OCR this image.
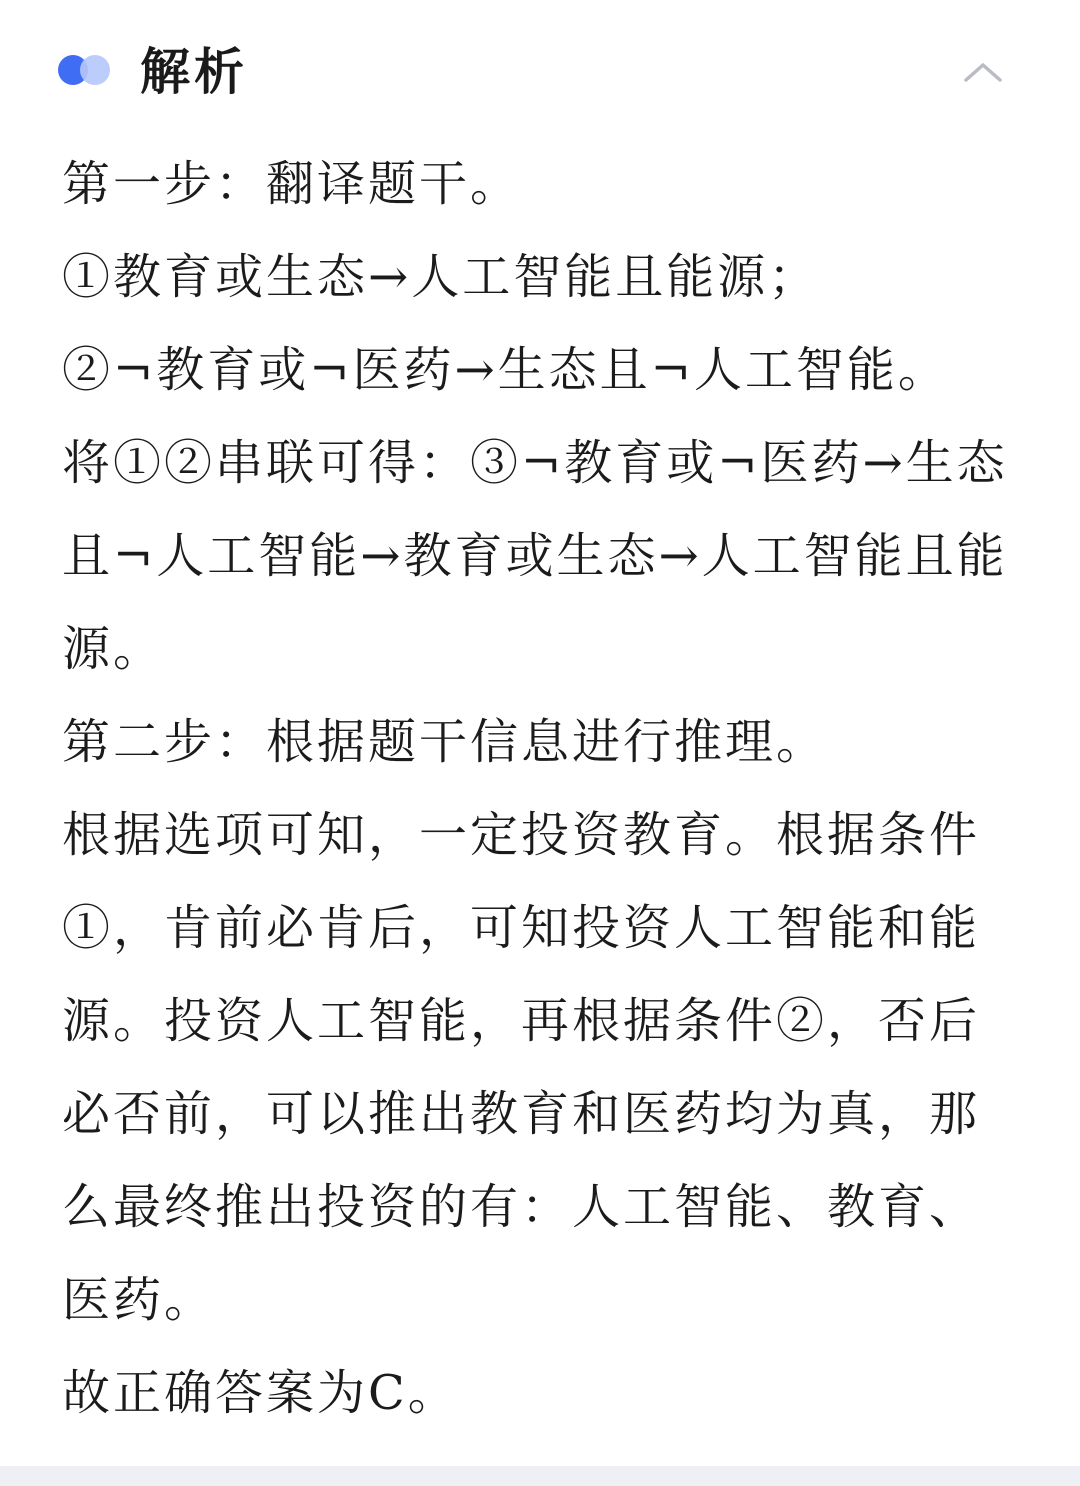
解析
第一步：翻译题干。
①教育或生态→人工智能且能源；
②¬教育或¬医药→生态且¬人工智能。
将①②串联可得：③¬教育或¬医药→生态
且¬人工智能→教育或生态→人工智能且能
源。
第二步：根据题干信息进行推理。
根据选项可知，一定投资教育。根据条件
①，肯前必肯后，可知投资人工智能和能
源。投资人工智能，再根据条件②，否后
必否前，可以推出教育和医药均为真，那
么最终推出投资的有：人工智能、教育、
医药。
故正确答案为C。
